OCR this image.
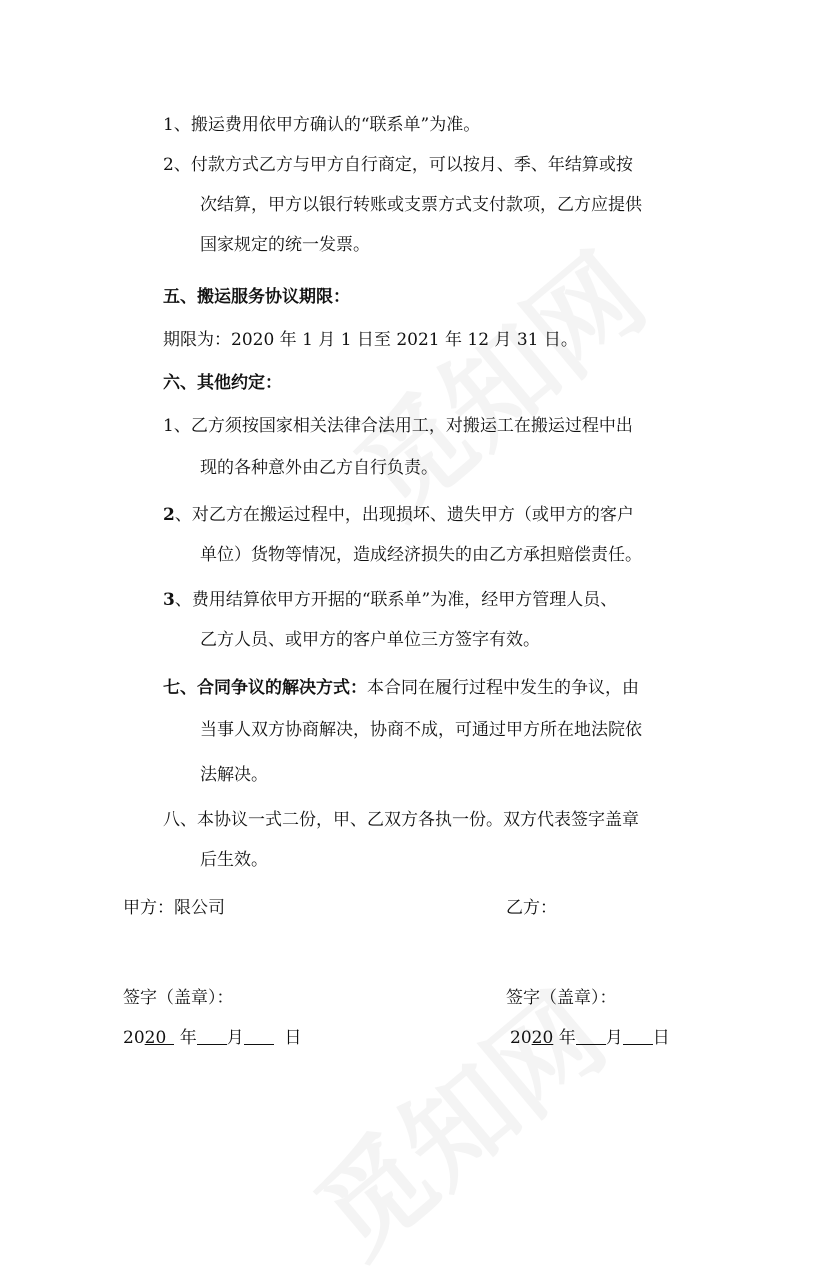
1、搬运费用依甲方确认的“联系单”为准。
2、付款方式乙方与甲方自行商定，可以按月、季、年结算或按
次结算，甲方以银行转账或支票方式支付款项，乙方应提供
国家规定的统一发票。
五、搬运服务协议期限：
期限为：2020 年 1 月 1 日至 2021 年 12 月 31 日。
六、其他约定：
1、乙方须按国家相关法律合法用工，对搬运工在搬运过程中出
现的各种意外由乙方自行负责。
2、对乙方在搬运过程中，出现损坏、遗失甲方（或甲方的客户
单位）货物等情况，造成经济损失的由乙方承担赔偿责任。
3、费用结算依甲方开据的“联系单”为准，经甲方管理人员、
乙方人员、或甲方的客户单位三方签字有效。
七、合同争议的解决方式：本合同在履行过程中发生的争议，由
当事人双方协商解决，协商不成，可通过甲方所在地法院依
法解决。
八、本协议一式二份，甲、乙双方各执一份。双方代表签字盖章
后生效。
甲方：限公司	乙方：
签字（盖章）：	签字（盖章）：
2020 年 月 日	2020 年 月 日
